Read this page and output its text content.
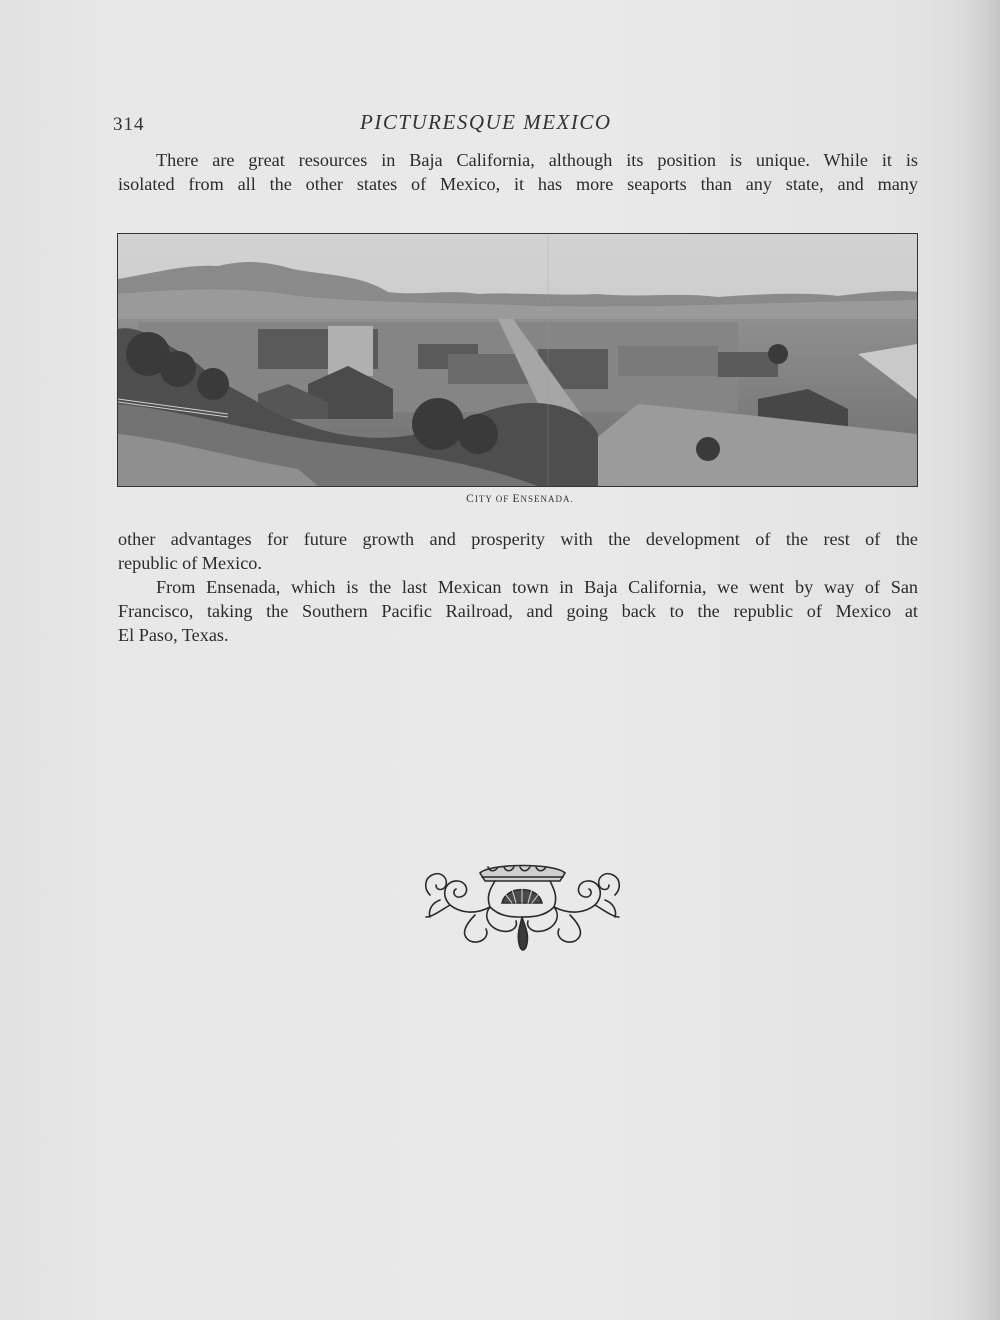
314	PICTURESQUE MEXICO

There are great resources in Baja California, although its position is unique. While it is

isolated from all the other states of Mexico, it has more seaports than any state, and many

CITY OF ENSENADA.

other advantages for future growth and prosperity with the development of the rest of the

republic of Mexico.

From Ensenada, which is the last Mexican town in Baja California, we went by way of San

Francisco, taking the Southern Pacific Railroad, and going back to the republic of Mexico at

El Paso, Texas.
